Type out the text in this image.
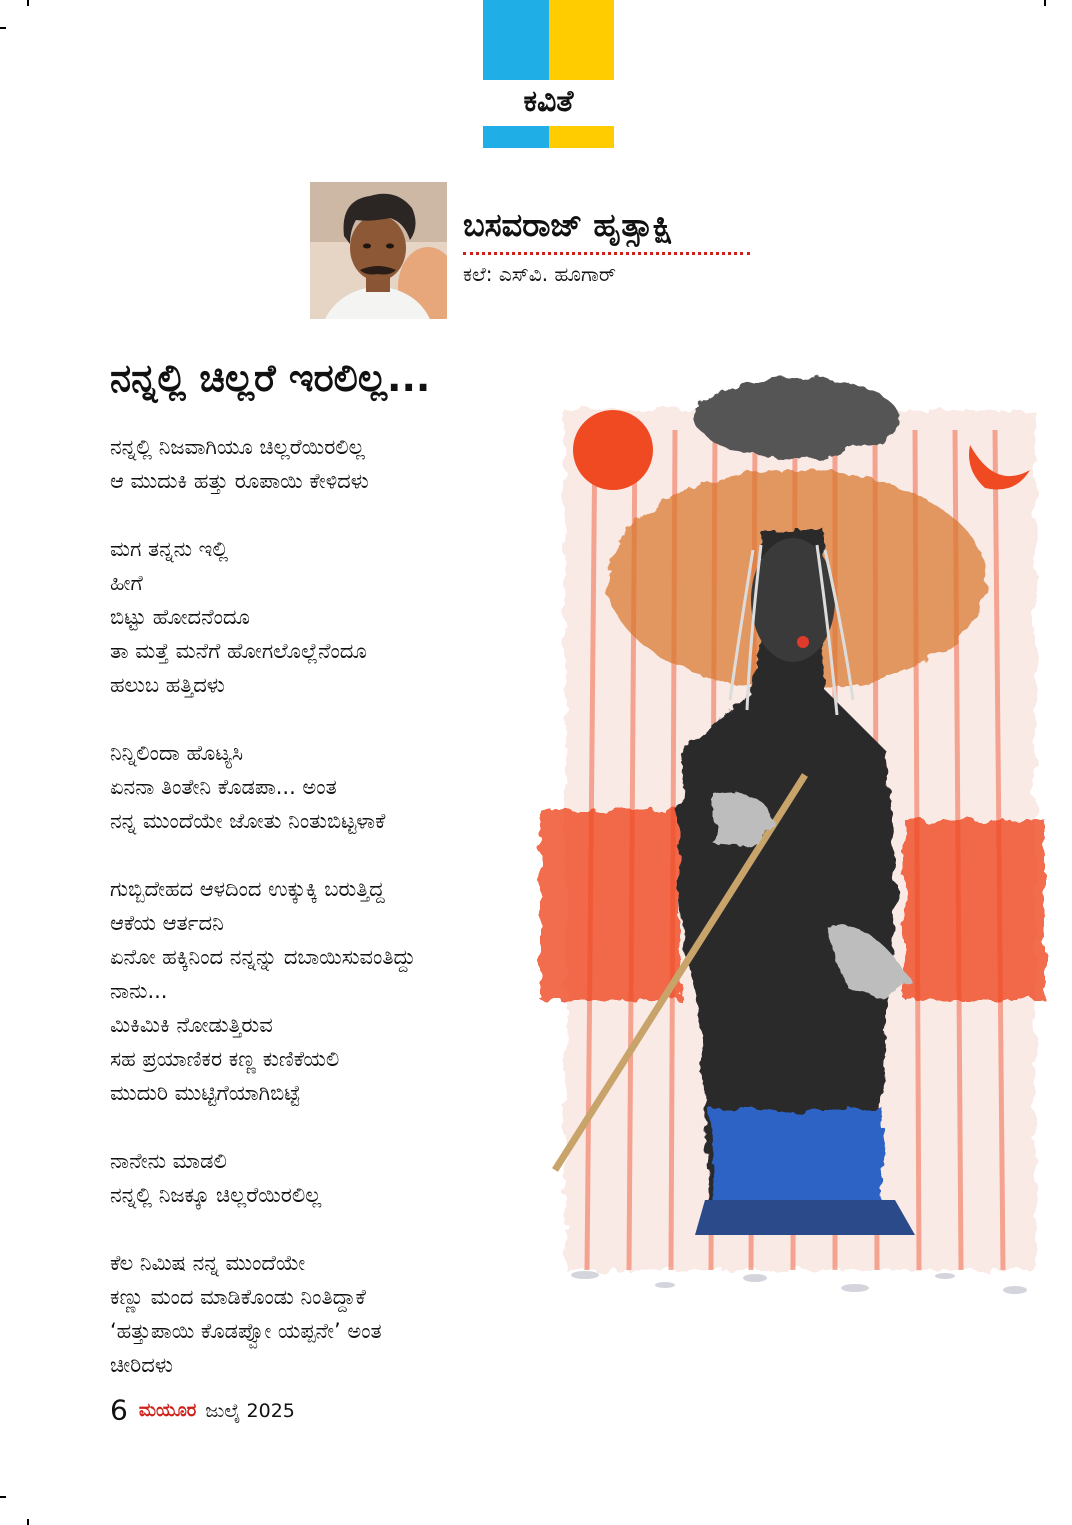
ಕವಿತೆ
ಬಸವರಾಜ್ ಹೃತ್ಸಾಕ್ಷಿ
ಕಲೆ: ಎಸ್‌ವಿ. ಹೂಗಾರ್
ನನ್ನಲ್ಲಿ ಚಿಲ್ಲರೆ ಇರಲಿಲ್ಲ...
ನನ್ನಲ್ಲಿ ನಿಜವಾಗಿಯೂ ಚಿಲ್ಲರೆಯಿರಲಿಲ್ಲ
ಆ ಮುದುಕಿ ಹತ್ತು ರೂಪಾಯಿ ಕೇಳಿದಳು
ಮಗ ತನ್ನನು ಇಲ್ಲಿ
ಹೀಗೆ
ಬಿಟ್ಟು ಹೋದನೆಂದೂ
ತಾ ಮತ್ತೆ ಮನೆಗೆ ಹೋಗಲೊಲ್ಲೆನೆಂದೂ
ಹಲುಬ ಹತ್ತಿದಳು
ನಿನ್ನಿಲಿಂದಾ ಹೊಟ್ಯಸಿ
ಏನನಾ ತಿಂತೇನಿ ಕೊಡಪಾ... ಅಂತ
ನನ್ನ ಮುಂದೆಯೇ ಜೋತು ನಿಂತುಬಿಟ್ಟಳಾಕೆ
ಗುಬ್ಬಿದೇಹದ ಆಳದಿಂದ ಉಕ್ಕುಕ್ಕಿ ಬರುತ್ತಿದ್ದ
ಆಕೆಯ ಆರ್ತದನಿ
ಏನೋ ಹಕ್ಕಿನಿಂದ ನನ್ನನ್ನು ದಬಾಯಿಸುವಂತಿದ್ದು
ನಾನು...
ಮಿಕಿಮಿಕಿ ನೋಡುತ್ತಿರುವ
ಸಹ ಪ್ರಯಾಣಿಕರ ಕಣ್ಣ ಕುಣಿಕೆಯಲಿ
ಮುದುರಿ ಮುಟ್ಟಿಗೆಯಾಗಿಬಿಟ್ಟೆ
ನಾನೇನು ಮಾಡಲಿ
ನನ್ನಲ್ಲಿ ನಿಜಕ್ಕೂ ಚಿಲ್ಲರೆಯಿರಲಿಲ್ಲ
ಕೆಲ ನಿಮಿಷ ನನ್ನ ಮುಂದೆಯೇ
ಕಣ್ಣು ಮಂದ ಮಾಡಿಕೊಂಡು ನಿಂತಿದ್ದಾಕೆ
‘ಹತ್ತುಪಾಯಿ ಕೊಡಪ್ವೋ ಯಪ್ಪನೇ’ ಅಂತ
ಚೀರಿದಳು
6 ಮಯೂರ ಜುಲೈ 2025
